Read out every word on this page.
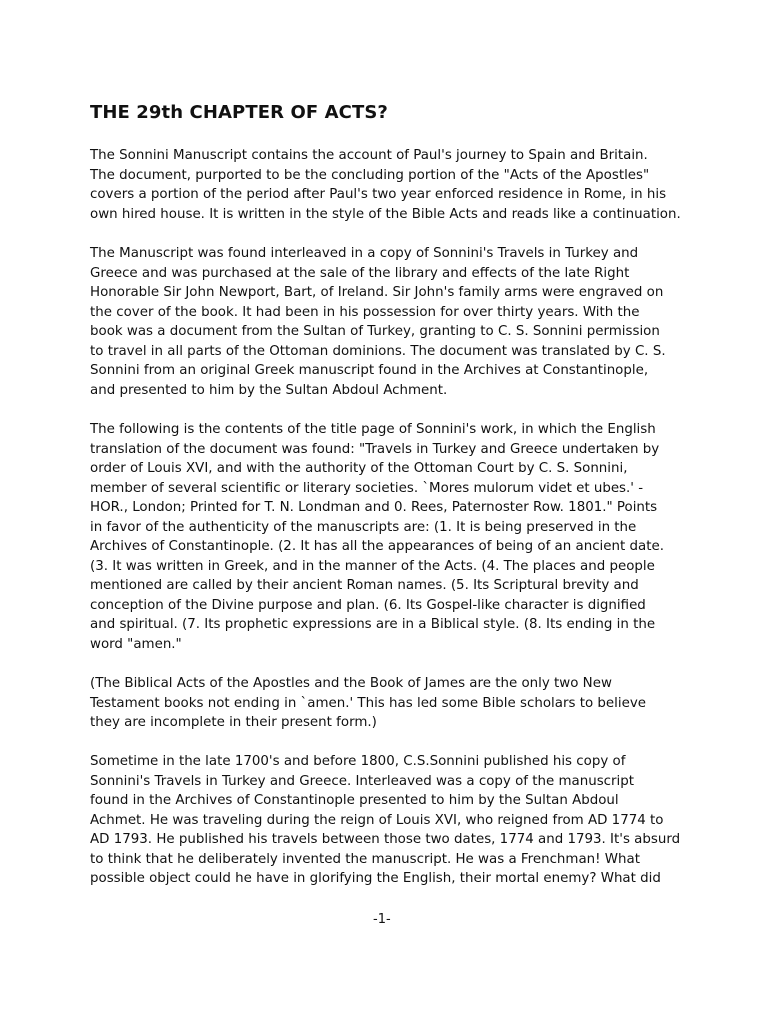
THE 29th CHAPTER OF ACTS?

The Sonnini Manuscript contains the account of Paul's journey to Spain and Britain.
The document, purported to be the concluding portion of the "Acts of the Apostles"
covers a portion of the period after Paul's two year enforced residence in Rome, in his
own hired house. It is written in the style of the Bible Acts and reads like a continuation.

The Manuscript was found interleaved in a copy of Sonnini's Travels in Turkey and
Greece and was purchased at the sale of the library and effects of the late Right
Honorable Sir John Newport, Bart, of Ireland. Sir John's family arms were engraved on
the cover of the book. It had been in his possession for over thirty years. With the
book was a document from the Sultan of Turkey, granting to C. S. Sonnini permission
to travel in all parts of the Ottoman dominions. The document was translated by C. S.
Sonnini from an original Greek manuscript found in the Archives at Constantinople,
and presented to him by the Sultan Abdoul Achment.

The following is the contents of the title page of Sonnini's work, in which the English
translation of the document was found: "Travels in Turkey and Greece undertaken by
order of Louis XVI, and with the authority of the Ottoman Court by C. S. Sonnini,
member of several scientific or literary societies. `Mores mulorum videt et ubes.' -
HOR., London; Printed for T. N. Londman and 0. Rees, Paternoster Row. 1801." Points
in favor of the authenticity of the manuscripts are: (1. It is being preserved in the
Archives of Constantinople. (2. It has all the appearances of being of an ancient date.
(3. It was written in Greek, and in the manner of the Acts. (4. The places and people
mentioned are called by their ancient Roman names. (5. Its Scriptural brevity and
conception of the Divine purpose and plan. (6. Its Gospel-like character is dignified
and spiritual. (7. Its prophetic expressions are in a Biblical style. (8. Its ending in the
word "amen."

(The Biblical Acts of the Apostles and the Book of James are the only two New
Testament books not ending in `amen.' This has led some Bible scholars to believe
they are incomplete in their present form.)

Sometime in the late 1700's and before 1800, C.S.Sonnini published his copy of
Sonnini's Travels in Turkey and Greece. Interleaved was a copy of the manuscript
found in the Archives of Constantinople presented to him by the Sultan Abdoul
Achmet. He was traveling during the reign of Louis XVI, who reigned from AD 1774 to
AD 1793. He published his travels between those two dates, 1774 and 1793. It's absurd
to think that he deliberately invented the manuscript. He was a Frenchman! What
possible object could he have in glorifying the English, their mortal enemy? What did

-1-
